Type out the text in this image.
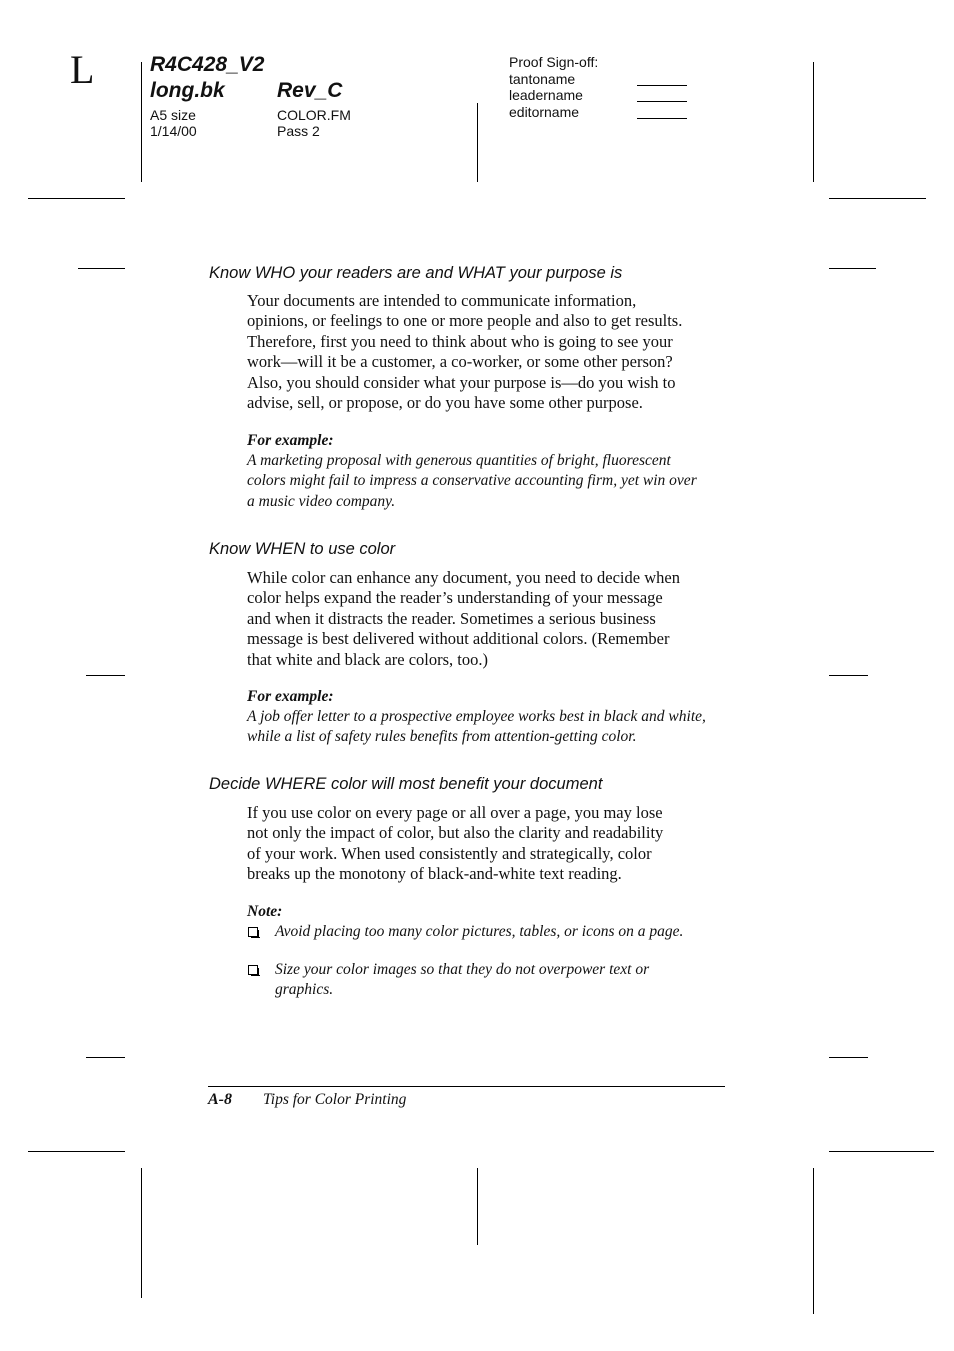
L	R4C428_V2
long.bk Rev_C
A5 size	COLOR.FM
1/14/00	Pass 2
Proof Sign-off:
tantoname
leadername
editorname
Know WHO your readers are and WHAT your purpose is
Your documents are intended to communicate information,
opinions, or feelings to one or more people and also to get results.
Therefore, first you need to think about who is going to see your
work—will it be a customer, a co-worker, or some other person?
Also, you should consider what your purpose is—do you wish to
advise, sell, or propose, or do you have some other purpose.
For example:
A marketing proposal with generous quantities of bright, fluorescent
colors might fail to impress a conservative accounting firm, yet win over
a music video company.
Know WHEN to use color
While color can enhance any document, you need to decide when
color helps expand the reader’s understanding of your message
and when it distracts the reader. Sometimes a serious business
message is best delivered without additional colors. (Remember
that white and black are colors, too.)
For example:
A job offer letter to a prospective employee works best in black and white,
while a list of safety rules benefits from attention-getting color.
Decide WHERE color will most benefit your document
If you use color on every page or all over a page, you may lose
not only the impact of color, but also the clarity and readability
of your work. When used consistently and strategically, color
breaks up the monotony of black-and-white text reading.
Note:
Avoid placing too many color pictures, tables, or icons on a page.
Size your color images so that they do not overpower text or
graphics.
A-8 Tips for Color Printing
